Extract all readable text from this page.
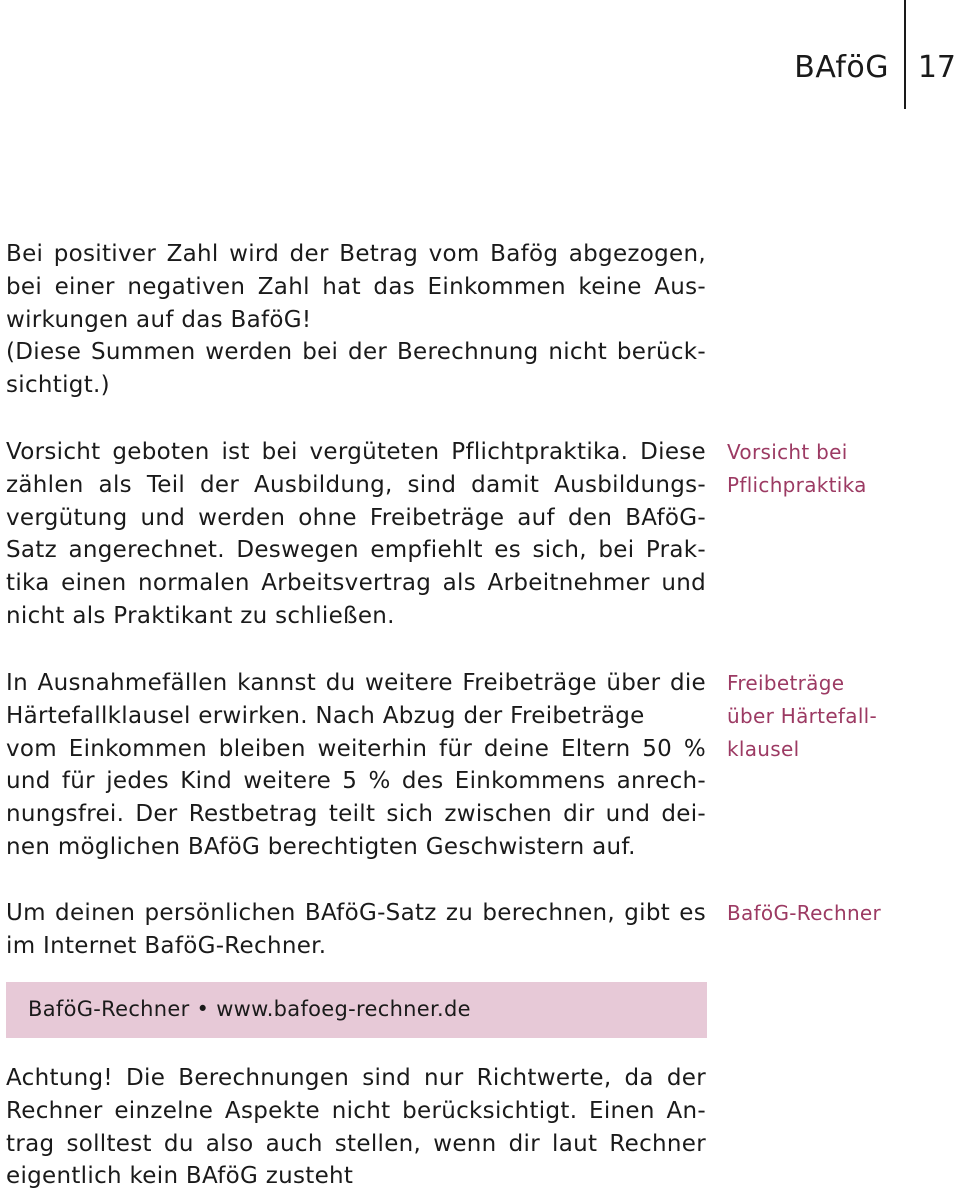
BAföG 17

Bei positiver Zahl wird der Betrag vom Bafög abgezogen,
bei einer negativen Zahl hat das Einkommen keine Aus-
wirkungen auf das BaföG!
(Diese Summen werden bei der Berechnung nicht berück-
sichtigt.)

Vorsicht geboten ist bei vergüteten Pflichtpraktika. Diese
zählen als Teil der Ausbildung, sind damit Ausbildungs-
vergütung und werden ohne Freibeträge auf den BAföG-
Satz angerechnet. Deswegen empfiehlt es sich, bei Prak-
tika einen normalen Arbeitsvertrag als Arbeitnehmer und
nicht als Praktikant zu schließen.

In Ausnahmefällen kannst du weitere Freibeträge über die
Härtefallklausel erwirken. Nach Abzug der Freibeträge
vom Einkommen bleiben weiterhin für deine Eltern 50 %
und für jedes Kind weitere 5 % des Einkommens anrech-
nungsfrei. Der Restbetrag teilt sich zwischen dir und dei-
nen möglichen BAföG berechtigten Geschwistern auf.

Um deinen persönlichen BAföG-Satz zu berechnen, gibt es
im Internet BaföG-Rechner.

BaföG-Rechner • www.bafoeg-rechner.de

Achtung! Die Berechnungen sind nur Richtwerte, da der
Rechner einzelne Aspekte nicht berücksichtigt. Einen An-
trag solltest du also auch stellen, wenn dir laut Rechner
eigentlich kein BAföG zusteht

Vorsicht bei
Pflichpraktika

Freibeträge
über Härtefall-
klausel

BaföG-Rechner
